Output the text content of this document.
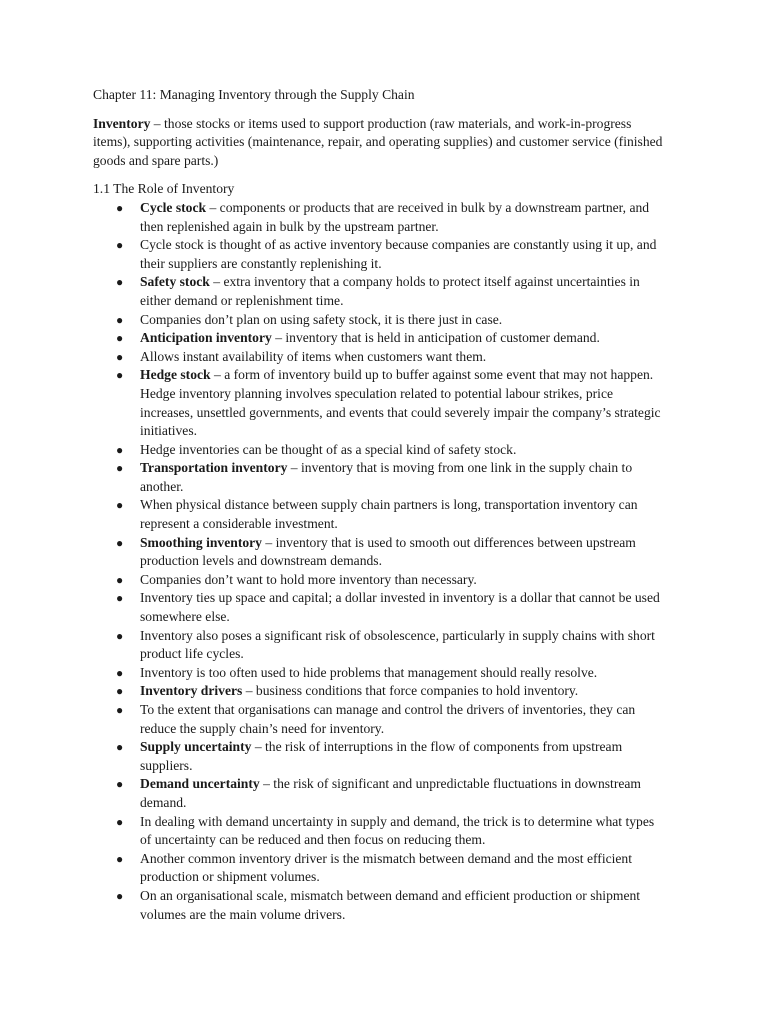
Chapter 11: Managing Inventory through the Supply Chain

Inventory – those stocks or items used to support production (raw materials, and work-in-progress items), supporting activities (maintenance, repair, and operating supplies) and customer service (finished goods and spare parts.)

1.1 The Role of Inventory

● Cycle stock – components or products that are received in bulk by a downstream partner, and then replenished again in bulk by the upstream partner.
● Cycle stock is thought of as active inventory because companies are constantly using it up, and their suppliers are constantly replenishing it.
● Safety stock – extra inventory that a company holds to protect itself against uncertainties in either demand or replenishment time.
● Companies don’t plan on using safety stock, it is there just in case.
● Anticipation inventory – inventory that is held in anticipation of customer demand.
● Allows instant availability of items when customers want them.
● Hedge stock – a form of inventory build up to buffer against some event that may not happen. Hedge inventory planning involves speculation related to potential labour strikes, price increases, unsettled governments, and events that could severely impair the company’s strategic initiatives.
● Hedge inventories can be thought of as a special kind of safety stock.
● Transportation inventory – inventory that is moving from one link in the supply chain to another.
● When physical distance between supply chain partners is long, transportation inventory can represent a considerable investment.
● Smoothing inventory – inventory that is used to smooth out differences between upstream production levels and downstream demands.
● Companies don’t want to hold more inventory than necessary.
● Inventory ties up space and capital; a dollar invested in inventory is a dollar that cannot be used somewhere else.
● Inventory also poses a significant risk of obsolescence, particularly in supply chains with short product life cycles.
● Inventory is too often used to hide problems that management should really resolve.
● Inventory drivers – business conditions that force companies to hold inventory.
● To the extent that organisations can manage and control the drivers of inventories, they can reduce the supply chain’s need for inventory.
● Supply uncertainty – the risk of interruptions in the flow of components from upstream suppliers.
● Demand uncertainty – the risk of significant and unpredictable fluctuations in downstream demand.
● In dealing with demand uncertainty in supply and demand, the trick is to determine what types of uncertainty can be reduced and then focus on reducing them.
● Another common inventory driver is the mismatch between demand and the most efficient production or shipment volumes.
● On an organisational scale, mismatch between demand and efficient production or shipment volumes are the main volume drivers.
